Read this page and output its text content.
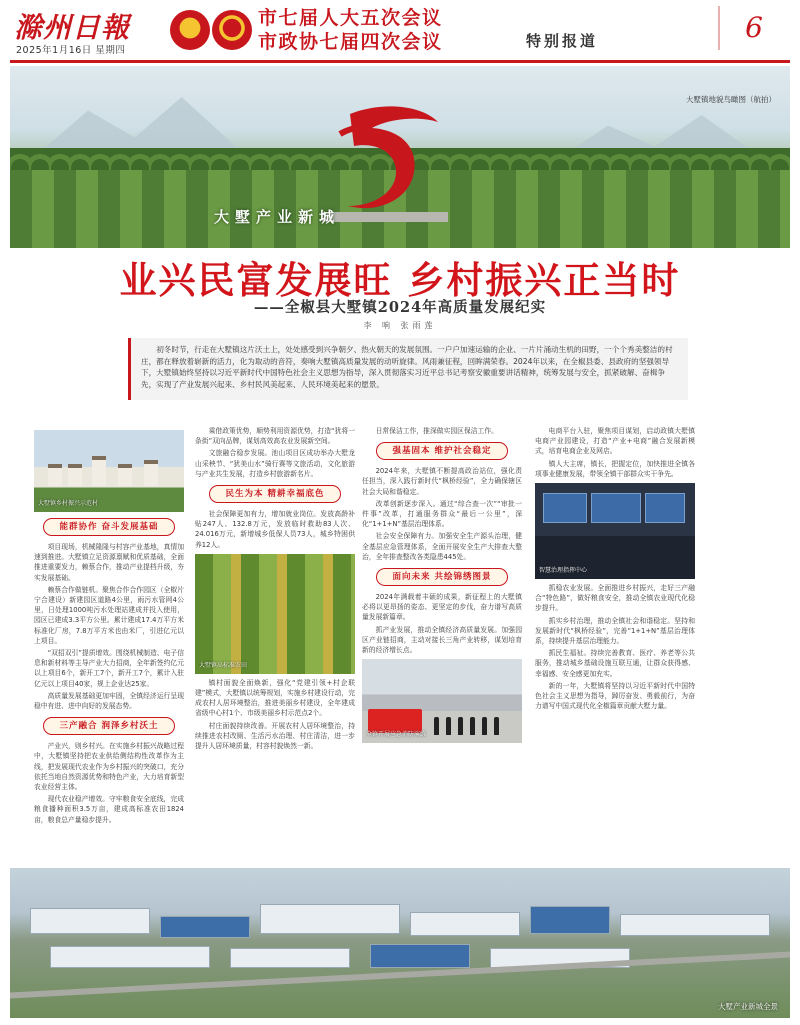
滁州日報
2025年1月16日 星期四
市七届人大五次会议
市政协七届四次会议	特别报道	6
大墅镇地貌鸟瞰图（航拍）
大墅产业新城
业兴民富发展旺 乡村振兴正当时
——全椒县大墅镇2024年高质量发展纪实
李 响 张雨莲
初冬时节，行走在大墅镇这片沃土上，处处感受到兴争朝夕、热火朝天的发展氛围。一户户加速运输的企业、一片片涌动生机的田野，一个个秀美整洁的村庄，都在释放着崭新的活力，化为取动的音符，奏响大墅镇高质量发展的动听旋律。风雨兼征程，回眸满荣春。2024年以来，在全椒县委、县政府的坚强领导下，大墅镇始终坚持以习近平新时代中国特色社会主义思想为指导，深入贯彻落实习近平总书记考察安徽重要讲话精神，统筹发展与安全，抓紧破解、奋楫争先，实现了产业发展兴起来、乡村民风美起来、人民环境美起来的愿景。
大墅镇乡村振兴示范村
能群协作 奋斗发展基础

项目现场，机械隆隆与村容产业基地，真情加速到推进。大墅镇立足资源禀赋和优质基础，全面推进重要发力，赖蔡合作，推动产业提档升级，夯实发展基础。

赖蔡合作做链机。聚焦合作合作园区（全椒片宁合建设）新建园区道路4公里，雨污水管网4公里，日处理1000吨污水处理站建成并投入使用，园区已建成3.3平方公里。累计建成17.4万平方米标准化厂房，7.8万平方米也由米厂，引进亿元以上项目。

“双招双引”提质增效。围绕机械制造、电子信息和新材料等主导产业大力招商，全年新签约亿元以上项目6个，新开工7个，新开工7个，累计入驻亿元以上项目40家，规上企业达25家。

高质量发展基础更加牢固，全镇经济运行呈现稳中有进、进中向好的发展态势。

三产融合 润泽乡村沃土

产业兴，则乡村兴。在实施乡村振兴战略过程中，大墅镇坚持把农业供给侧结构性改革作为主线，把发展现代农业作为乡村振兴的突破口，充分依托当地自然资源优势和特色产业，大力培育新型农业经营主体。

现代农业稳产增效。守牢粮食安全底线，完成粮食播种面积3.5万亩，建成高标准农田1824亩，粮食总产量稳步提升。

乘借政策优势，顺势利用资源优势，打造“犹将一条街”双向品牌，谋划高效高农业发展新空间。

文旅融合稳步发展。池山项目区成功举办大墅龙山采秧节、“犹美山水”骑行赛等文旅活动，文化旅游与产业共生发展，打造乡村旅游新名片。

民生为本 精耕幸福底色

社会保障更加有力，增加就业岗位。发放高龄补贴247人、132.8万元，发放临时救助83人次、24.016万元，新增城乡低保人员73人，城乡特困供养12人。

大墅镇高标准农田

镇村面貌全面焕新，强化“党建引领+村企联建”模式，大墅镇以统筹规划，实施乡村建设行动，完成农村人居环境整治，推进美丽乡村建设，全年建成省级中心村1个、市级美丽乡村示范点2个。

村庄面貌持续改善。开展农村人居环境整治，持续推进农村改厕、生活污水治理、村庄清洁，进一步提升人居环境质量，村容村貌焕然一新。

日常保洁工作，推深做实园区保洁工作。

强基固本 维护社会稳定

2024年来，大墅镇不断提高政治站位，强化责任担当，深入践行新时代“枫桥经验”，全力确保辖区社会大局和谐稳定。

改革创新逐步深入。通过“综合查一次”“审批一件事”改革，打通服务群众“最后一公里”，深化“1+1+N”基层治理体系。

社会安全保障有力。加强安全生产源头治理，健全基层应急管理体系，全面开展安全生产大排查大整治，全年排查整改各类隐患445处。

面向未来 共绘锦绣图景

2024年满载着丰硕的成果，新征程上的大墅镇必将以更昂扬的姿态、更坚定的步伐，奋力谱写高质量发展新篇章。

抓产业发展，推动全镇经济高质量发展。加强园区产业链招商，主动对接长三角产业转移，谋划培育新的经济增长点。

全镇开展应急消防演练

电商平台入驻，聚焦项目谋划，启动政镇大墅镇电商产业园建设，打造“产业+电商”融合发展新模式，培育电商企业及网店。

镇人大主席，镇长，把握定位，加快推进全镇各项事业健康发展，带领全镇干部群众实干争先。

智慧治理指挥中心

抓稳农业发展。全面推进乡村振兴，走好三产融合“特色路”，做好粮食安全，推动全镇农业现代化稳步提升。

抓实乡村治理，推动全镇社会和谐稳定。坚持和发展新时代“枫桥经验”，完善“1+1+N”基层治理体系，持续提升基层治理能力。

抓民生福祉。持续完善教育、医疗、养老等公共服务，推动城乡基础设施互联互通，让群众获得感、幸福感、安全感更加充实。

新的一年，大墅镇将坚持以习近平新时代中国特色社会主义思想为指导，踔厉奋发、勇毅前行，为奋力谱写中国式现代化全椒篇章贡献大墅力量。

大墅产业新城全景
